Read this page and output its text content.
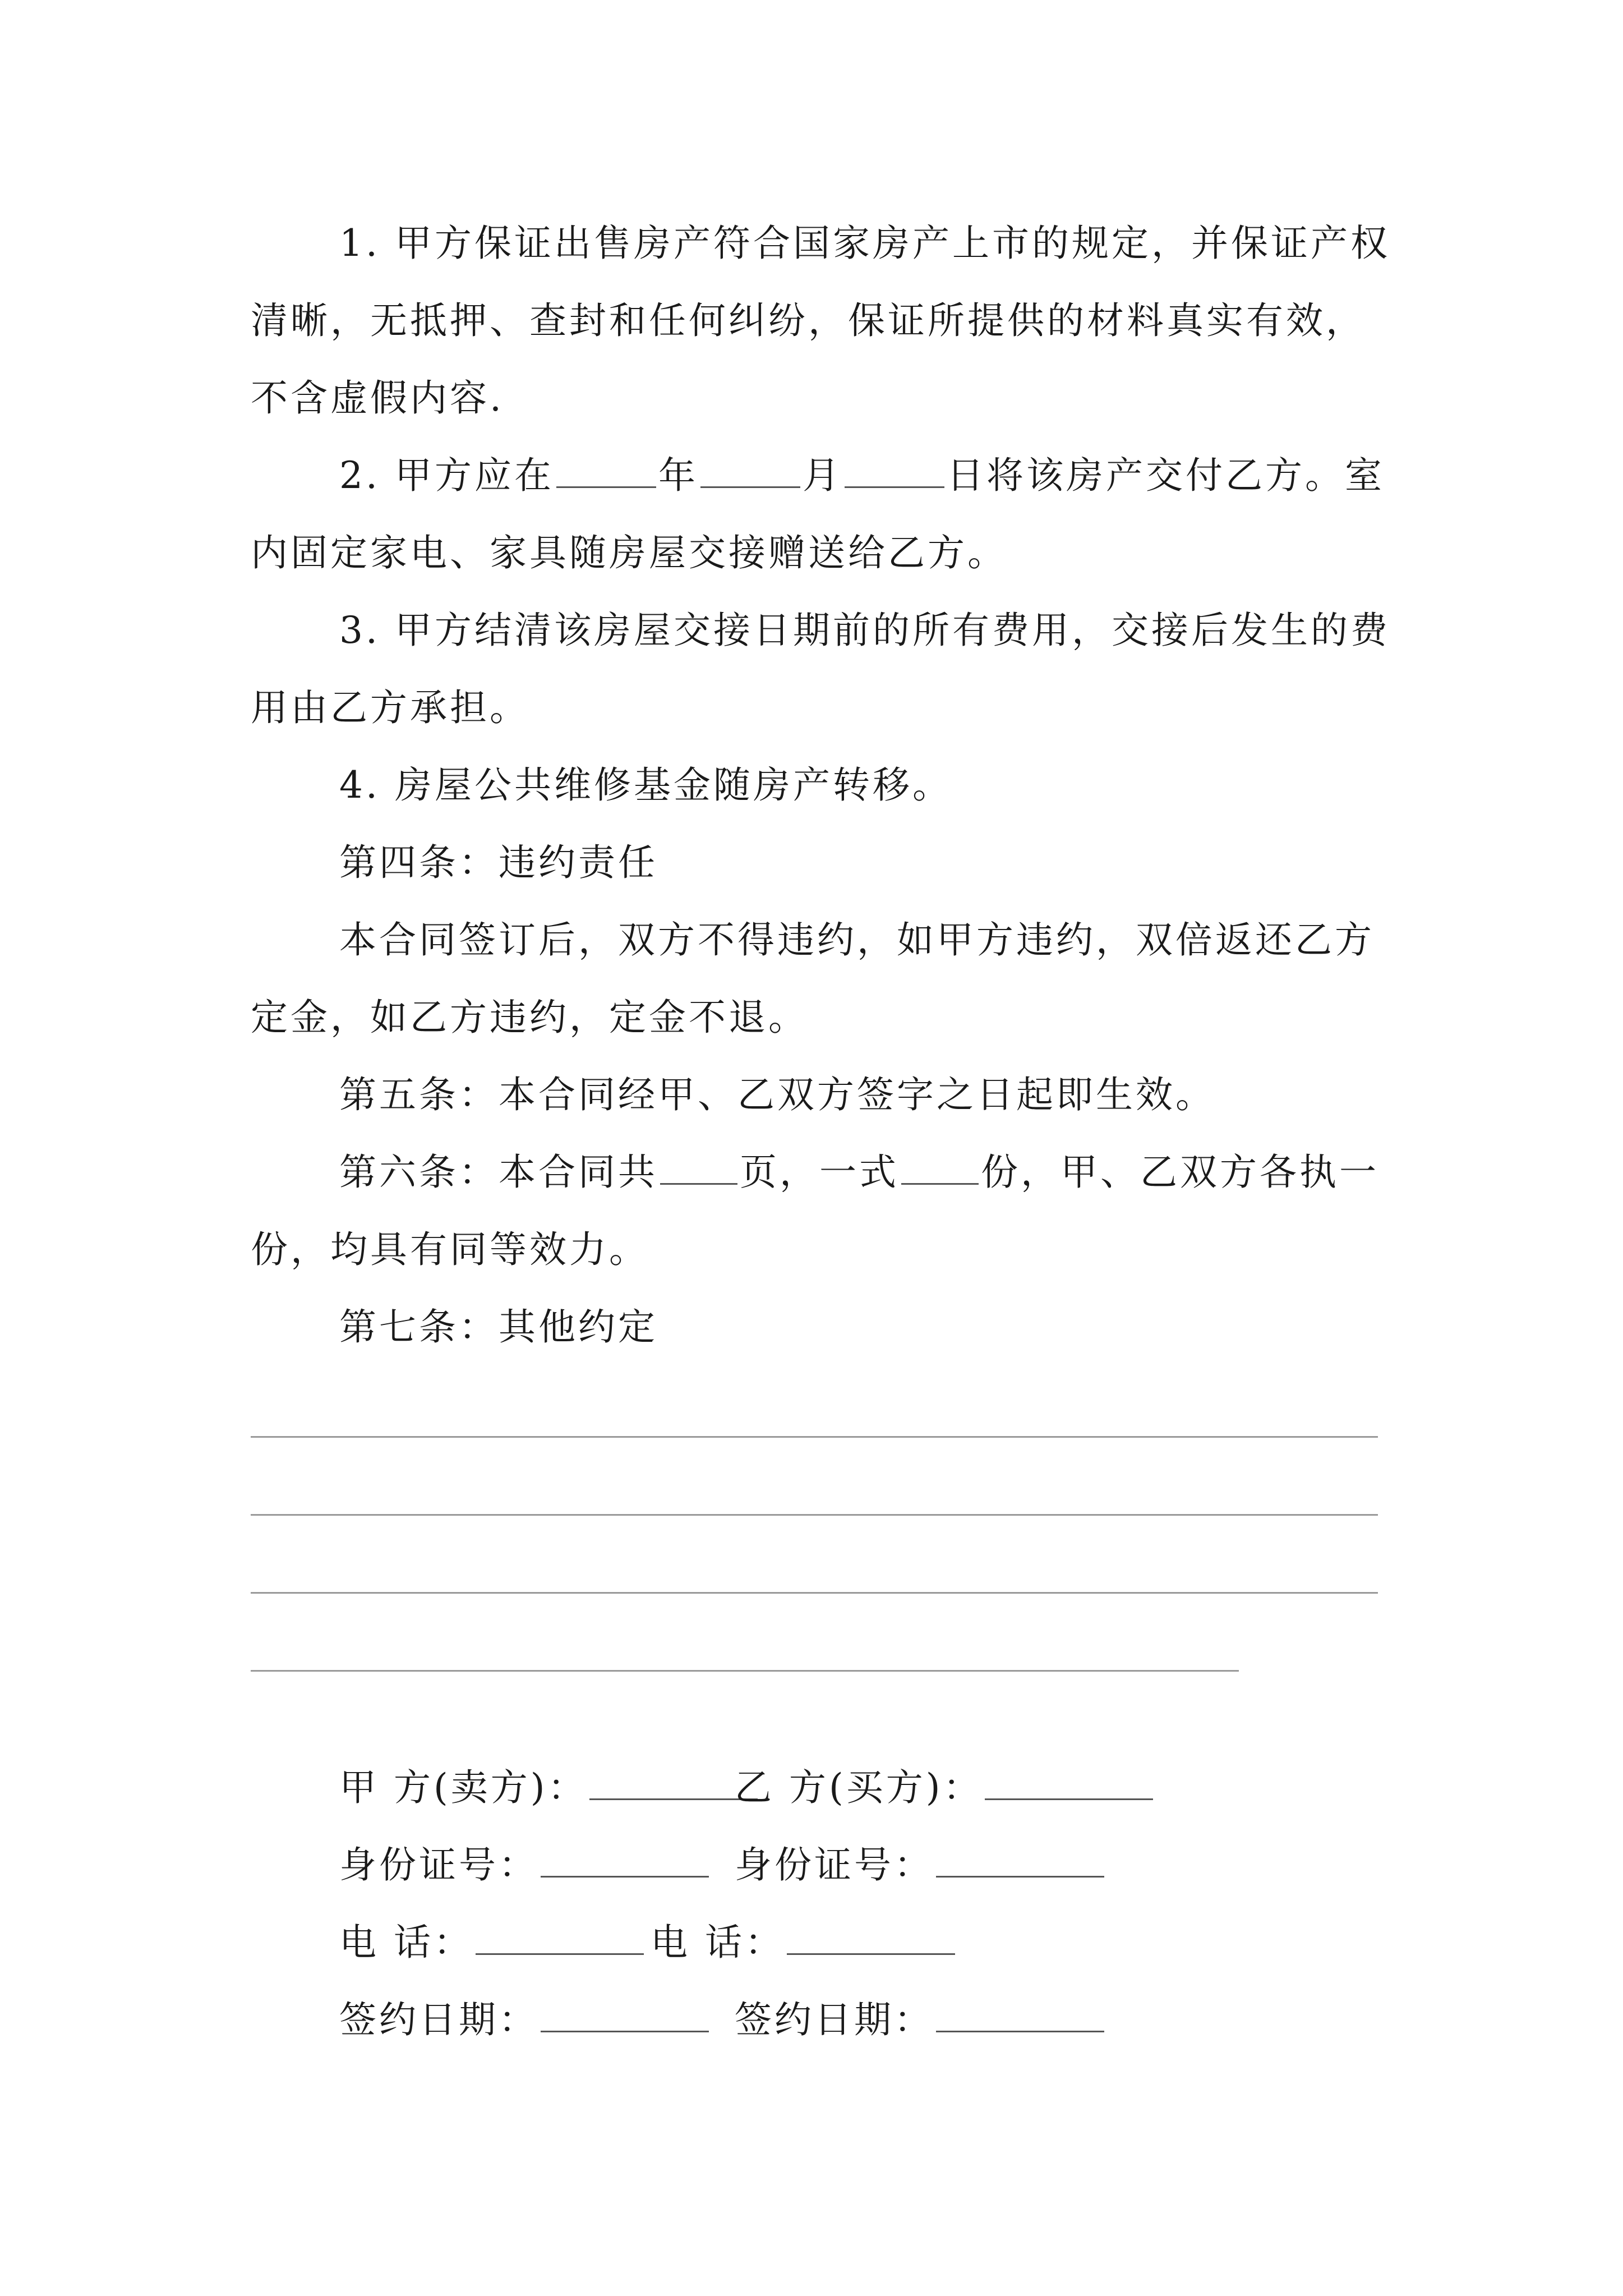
1. 甲方保证出售房产符合国家房产上市的规定，并保证产权清晰，无抵押、查封和任何纠纷，保证所提供的材料真实有效，不含虚假内容.

2. 甲方应在	年	月	日将该房产交付乙方。室内固定家电、家具随房屋交接赠送给乙方。

3. 甲方结清该房屋交接日期前的所有费用，交接后发生的费用由乙方承担。

4. 房屋公共维修基金随房产转移。

第四条：违约责任

本合同签订后，双方不得违约，如甲方违约，双倍返还乙方定金，如乙方违约，定金不退。

第五条：本合同经甲、乙双方签字之日起即生效。

第六条：本合同共 页，一式 份，甲、乙双方各执一份，均具有同等效力。

第七条：其他约定

甲 方(卖方)：	乙 方(买方)：
身份证号：	身份证号：
电 话：	电 话：
签约日期：	签约日期：
